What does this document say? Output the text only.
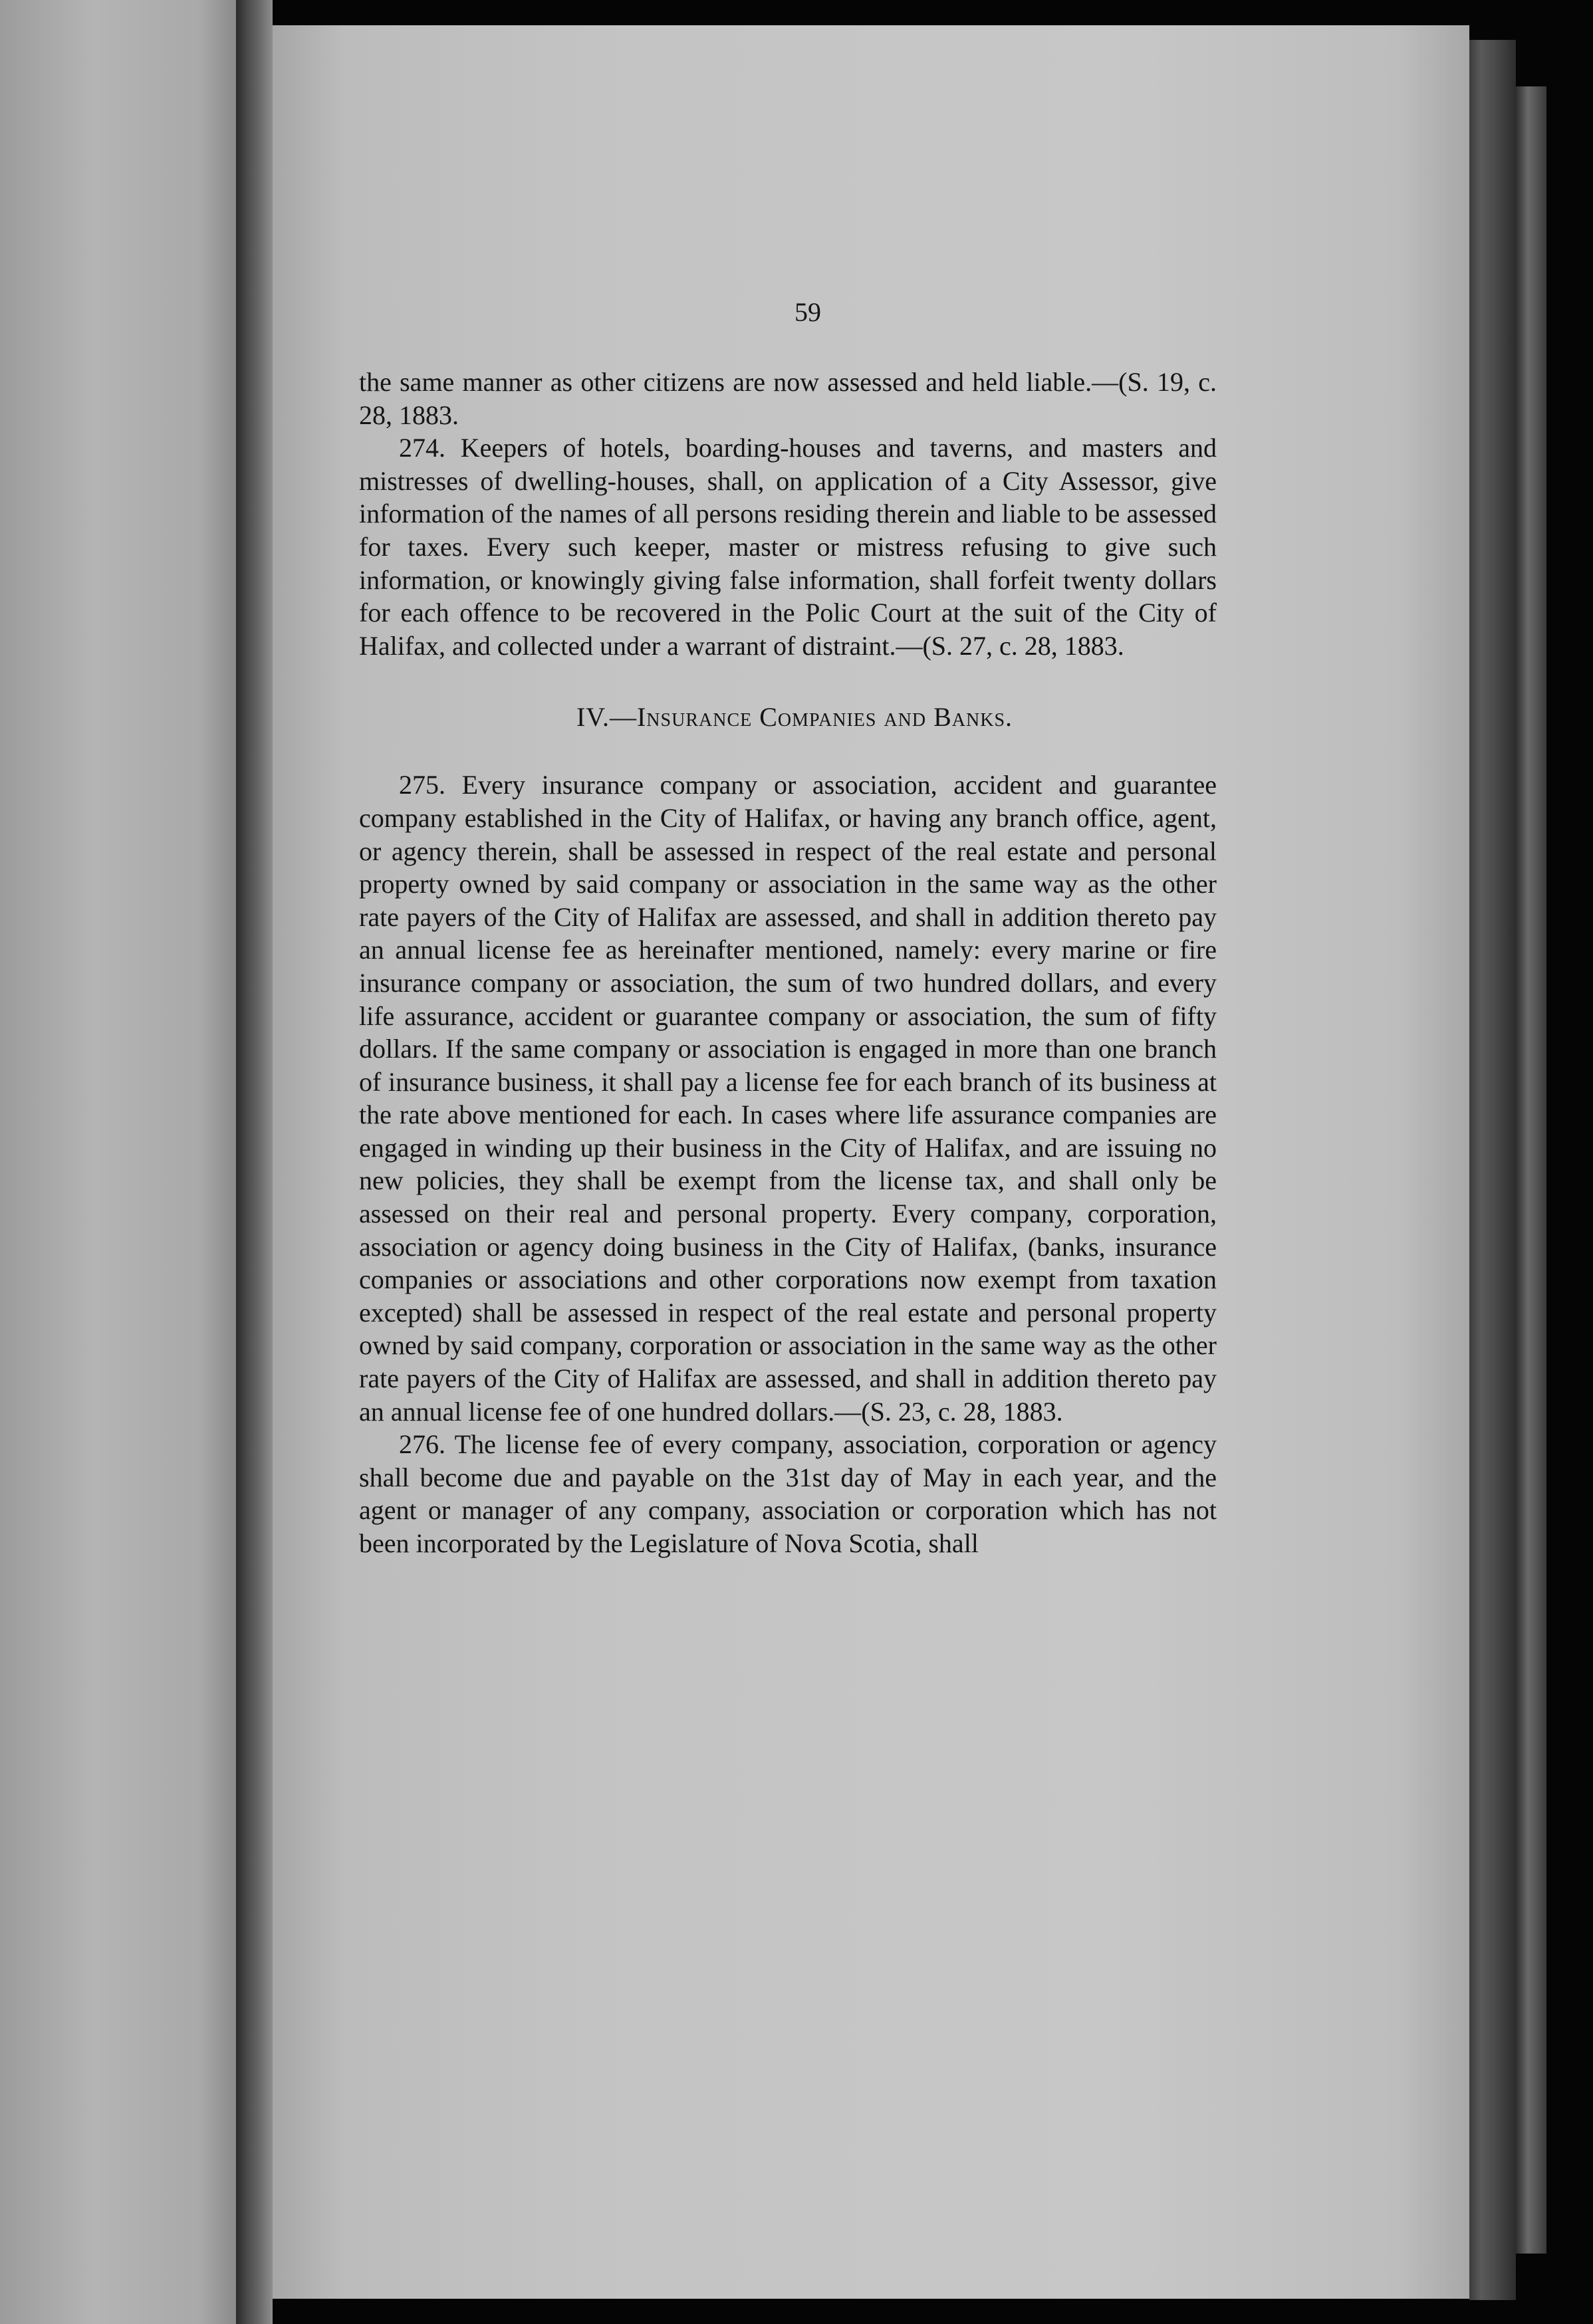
59

the same manner as other citizens are now assessed and held liable.—(S. 19, c. 28, 1883.

274. Keepers of hotels, boarding-houses and taverns, and masters and mistresses of dwelling-houses, shall, on application of a City Assessor, give information of the names of all persons residing therein and liable to be assessed for taxes. Every such keeper, master or mistress refusing to give such information, or knowingly giving false information, shall forfeit twenty dollars for each offence to be recovered in the Polic Court at the suit of the City of Halifax, and collected under a warrant of distraint.—(S. 27, c. 28, 1883.

IV.—Insurance Companies and Banks.

275. Every insurance company or association, accident and guarantee company established in the City of Halifax, or having any branch office, agent, or agency therein, shall be assessed in respect of the real estate and personal property owned by said company or association in the same way as the other rate payers of the City of Halifax are assessed, and shall in addition thereto pay an annual license fee as hereinafter mentioned, namely: every marine or fire insurance company or association, the sum of two hundred dollars, and every life assurance, accident or guarantee company or association, the sum of fifty dollars. If the same company or association is engaged in more than one branch of insurance business, it shall pay a license fee for each branch of its business at the rate above mentioned for each. In cases where life assurance companies are engaged in winding up their business in the City of Halifax, and are issuing no new policies, they shall be exempt from the license tax, and shall only be assessed on their real and personal property. Every company, corporation, association or agency doing business in the City of Halifax, (banks, insurance companies or associations and other corporations now exempt from taxation excepted) shall be assessed in respect of the real estate and personal property owned by said company, corporation or association in the same way as the other rate payers of the City of Halifax are assessed, and shall in addition thereto pay an annual license fee of one hundred dollars.—(S. 23, c. 28, 1883.

276. The license fee of every company, association, corporation or agency shall become due and payable on the 31st day of May in each year, and the agent or manager of any company, association or corporation which has not been incorporated by the Legislature of Nova Scotia, shall
